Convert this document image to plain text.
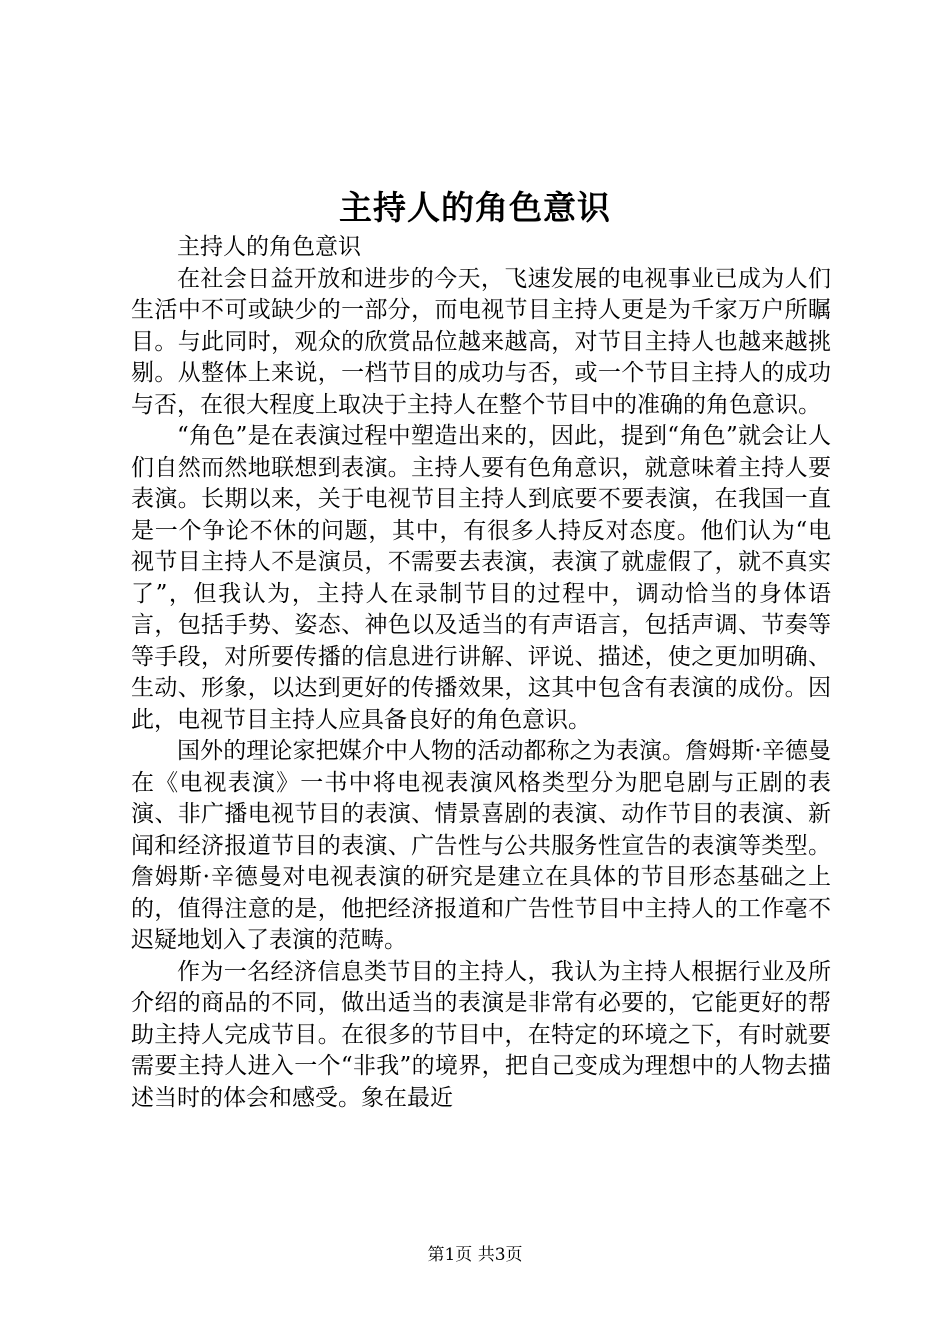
主持人的角色意识

主持人的角色意识

在社会日益开放和进步的今天，飞速发展的电视事业已成为人们生活中不可或缺少的一部分，而电视节目主持人更是为千家万户所瞩目。与此同时，观众的欣赏品位越来越高，对节目主持人也越来越挑剔。从整体上来说，一档节目的成功与否，或一个节目主持人的成功与否，在很大程度上取决于主持人在整个节目中的准确的角色意识。

“角色”是在表演过程中塑造出来的，因此，提到“角色”就会让人们自然而然地联想到表演。主持人要有色角意识，就意味着主持人要表演。长期以来，关于电视节目主持人到底要不要表演，在我国一直是一个争论不休的问题，其中，有很多人持反对态度。他们认为“电视节目主持人不是演员，不需要去表演，表演了就虚假了，就不真实了”，但我认为，主持人在录制节目的过程中，调动恰当的身体语言，包括手势、姿态、神色以及适当的有声语言，包括声调、节奏等等手段，对所要传播的信息进行讲解、评说、描述，使之更加明确、生动、形象，以达到更好的传播效果，这其中包含有表演的成份。因此，电视节目主持人应具备良好的角色意识。

国外的理论家把媒介中人物的活动都称之为表演。詹姆斯·辛德曼在《电视表演》一书中将电视表演风格类型分为肥皂剧与正剧的表演、非广播电视节目的表演、情景喜剧的表演、动作节目的表演、新闻和经济报道节目的表演、广告性与公共服务性宣告的表演等类型。詹姆斯·辛德曼对电视表演的研究是建立在具体的节目形态基础之上的，值得注意的是，他把经济报道和广告性节目中主持人的工作毫不迟疑地划入了表演的范畴。

作为一名经济信息类节目的主持人，我认为主持人根据行业及所介绍的商品的不同，做出适当的表演是非常有必要的，它能更好的帮助主持人完成节目。在很多的节目中，在特定的环境之下，有时就要需要主持人进入一个“非我”的境界，把自己变成为理想中的人物去描述当时的体会和感受。象在最近

第1页 共3页
